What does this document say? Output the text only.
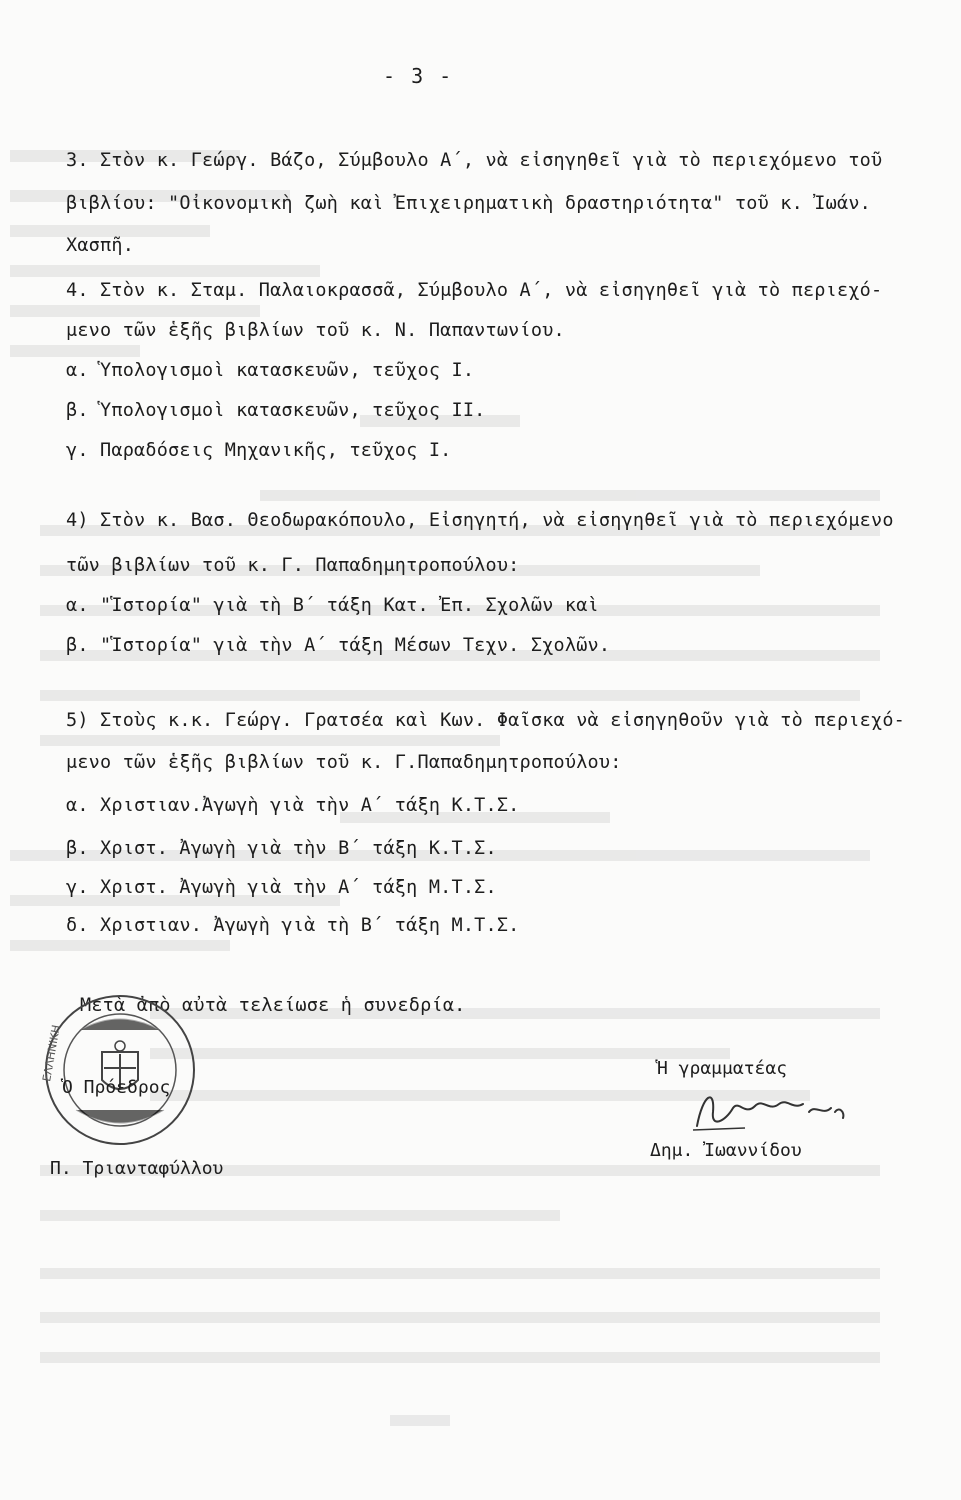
- 3 -
3. Στὸν κ. Γεώργ. Βάζο, Σύμβουλο Α΄, νὰ εἰσηγηθεῖ γιὰ τὸ περιεχόμενο τοῦ
βιβλίου: "Οἰκονομικὴ ζωὴ καὶ Ἐπιχειρηματικὴ δραστηριότητα" τοῦ κ. Ἰωάν.
Χασπῆ.
4. Στὸν κ. Σταμ. Παλαιοκρασσᾶ, Σύμβουλο Α΄, νὰ εἰσηγηθεῖ γιὰ τὸ περιεχό-
μενο τῶν ἑξῆς βιβλίων τοῦ κ. Ν. Παπαντωνίου.
α. Ὑπολογισμοὶ κατασκευῶν, τεῦχος Ι.
β. Ὑπολογισμοὶ κατασκευῶν, τεῦχος ΙΙ.
γ. Παραδόσεις Μηχανικῆς, τεῦχος Ι.
4) Στὸν κ. Βασ. Θεοδωρακόπουλο, Εἰσηγητή, νὰ εἰσηγηθεῖ γιὰ τὸ περιεχόμενο
τῶν βιβλίων τοῦ κ. Γ. Παπαδημητροπούλου:
α. "Ἱστορία" γιὰ τὴ Β΄ τάξη Κατ. Ἐπ. Σχολῶν καὶ
β. "Ἱστορία" γιὰ τὴν Α΄ τάξη Μέσων Τεχν. Σχολῶν.
5) Στοὺς κ.κ. Γεώργ. Γρατσέα καὶ Κων. Φαῖσκα νὰ εἰσηγηθοῦν γιὰ τὸ περιεχό-
μενο τῶν ἑξῆς βιβλίων τοῦ κ. Γ.Παπαδημητροπούλου:
α. Χριστιαν.Ἀγωγὴ γιὰ τὴν Α΄ τάξη Κ.Τ.Σ.
β. Χριστ. Ἀγωγὴ γιὰ τὴν Β΄ τάξη Κ.Τ.Σ.
γ. Χριστ. Ἀγωγὴ γιὰ τὴν Α΄ τάξη Μ.Τ.Σ.
δ. Χριστιαν. Ἀγωγὴ γιὰ τὴ Β΄ τάξη Μ.Τ.Σ.
Μετὰ ἀπὸ αὐτὰ τελείωσε ἡ συνεδρία.
ΕΛΛΗΝΙΚΗ
Ὁ Πρόεδρος
Π. Τριανταφύλλου
Ἡ γραμματέας
Δημ. Ἰωαννίδου
